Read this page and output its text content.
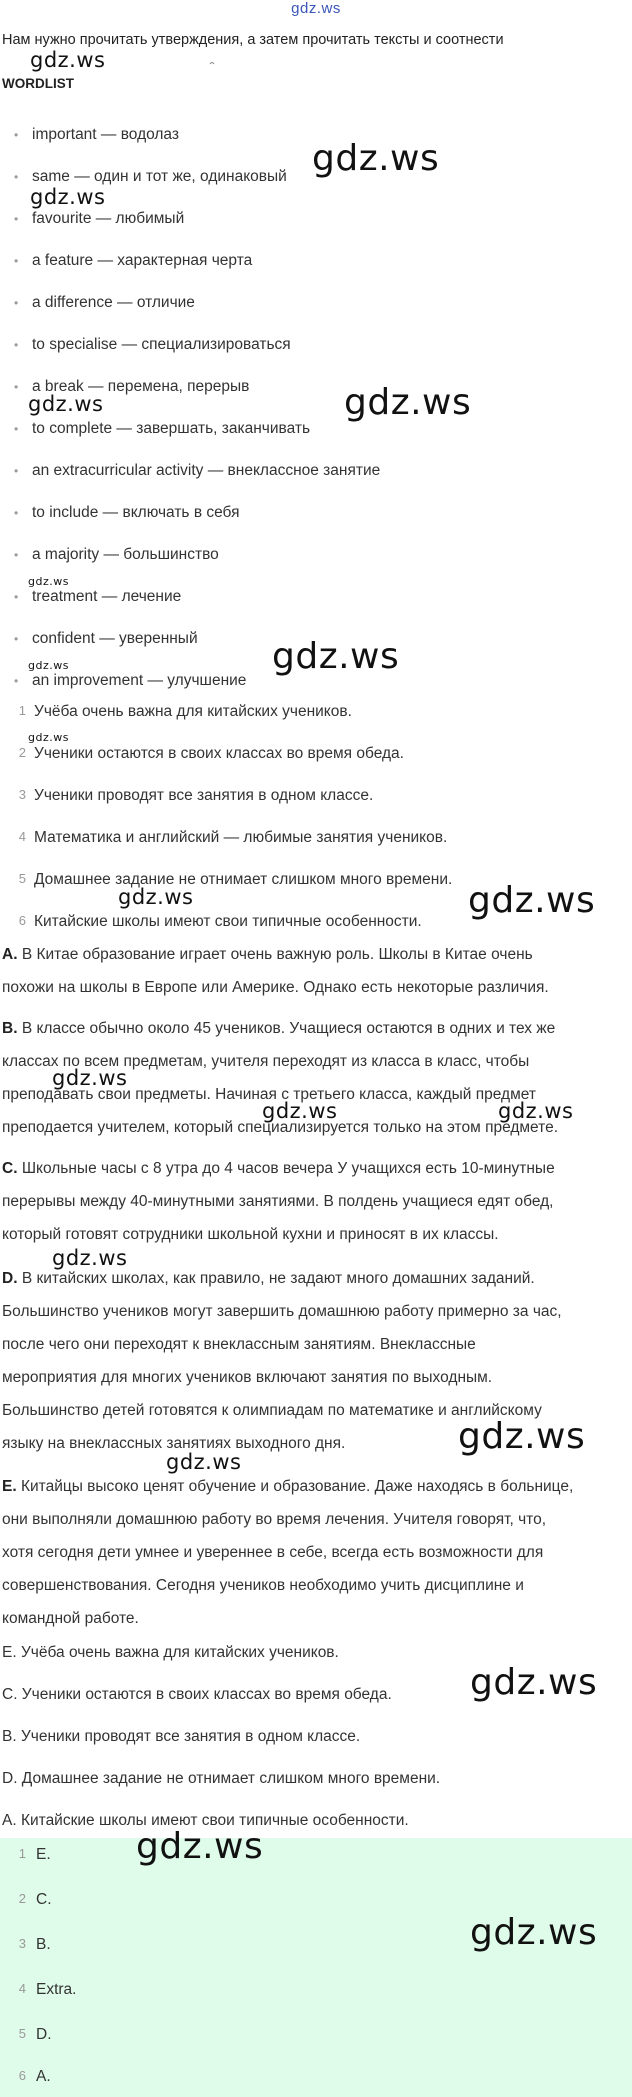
gdz.ws
Нам нужно прочитать утверждения, а затем прочитать тексты и соотнести
WORDLIST
• important — водолаз
• same — один и тот же, одинаковый
• favourite — любимый
• a feature — характерная черта
• a difference — отличие
• to specialise — специализироваться
• a break — перемена, перерыв
• to complete — завершать, заканчивать
• an extracurricular activity — внеклассное занятие
• to include — включать в себя
• a majority — большинство
• treatment — лечение
• confident — уверенный
• an improvement — улучшение
1 Учёба очень важна для китайских учеников.
2 Ученики остаются в своих классах во время обеда.
3 Ученики проводят все занятия в одном классе.
4 Математика и английский — любимые занятия учеников.
5 Домашнее задание не отнимает слишком много времени.
6 Китайские школы имеют свои типичные особенности.
A. В Китае образование играет очень важную роль. Школы в Китае очень
похожи на школы в Европе или Америке. Однако есть некоторые различия.
B. В классе обычно около 45 учеников. Учащиеся остаются в одних и тех же
классах по всем предметам, учителя переходят из класса в класс, чтобы
преподавать свои предметы. Начиная с третьего класса, каждый предмет
преподается учителем, который специализируется только на этом предмете.
C. Школьные часы с 8 утра до 4 часов вечера У учащихся есть 10-минутные
перерывы между 40-минутными занятиями. В полдень учащиеся едят обед,
который готовят сотрудники школьной кухни и приносят в их классы.
D. В китайских школах, как правило, не задают много домашних заданий.
Большинство учеников могут завершить домашнюю работу примерно за час,
после чего они переходят к внеклассным занятиям. Внеклассные
мероприятия для многих учеников включают занятия по выходным.
Большинство детей готовятся к олимпиадам по математике и английскому
языку на внеклассных занятиях выходного дня.
E. Китайцы высоко ценят обучение и образование. Даже находясь в больнице,
они выполняли домашнюю работу во время лечения. Учителя говорят, что,
хотя сегодня дети умнее и увереннее в себе, всегда есть возможности для
совершенствования. Сегодня учеников необходимо учить дисциплине и
командной работе.
E. Учёба очень важна для китайских учеников.
C. Ученики остаются в своих классах во время обеда.
B. Ученики проводят все занятия в одном классе.
D. Домашнее задание не отнимает слишком много времени.
A. Китайские школы имеют свои типичные особенности.
1 E.
2 C.
3 B.
4 Extra.
5 D.
6 A.
gdz.ws
gdz.ws
gdz.ws
gdz.ws	gdz.ws
gdz.ws
gdz.ws
gdz.ws
gdz.ws
gdz.ws	gdz.ws
gdz.ws
gdz.ws	gdz.ws
gdz.ws
gdz.ws
gdz.ws
gdz.ws
gdz.ws
gdz.ws
